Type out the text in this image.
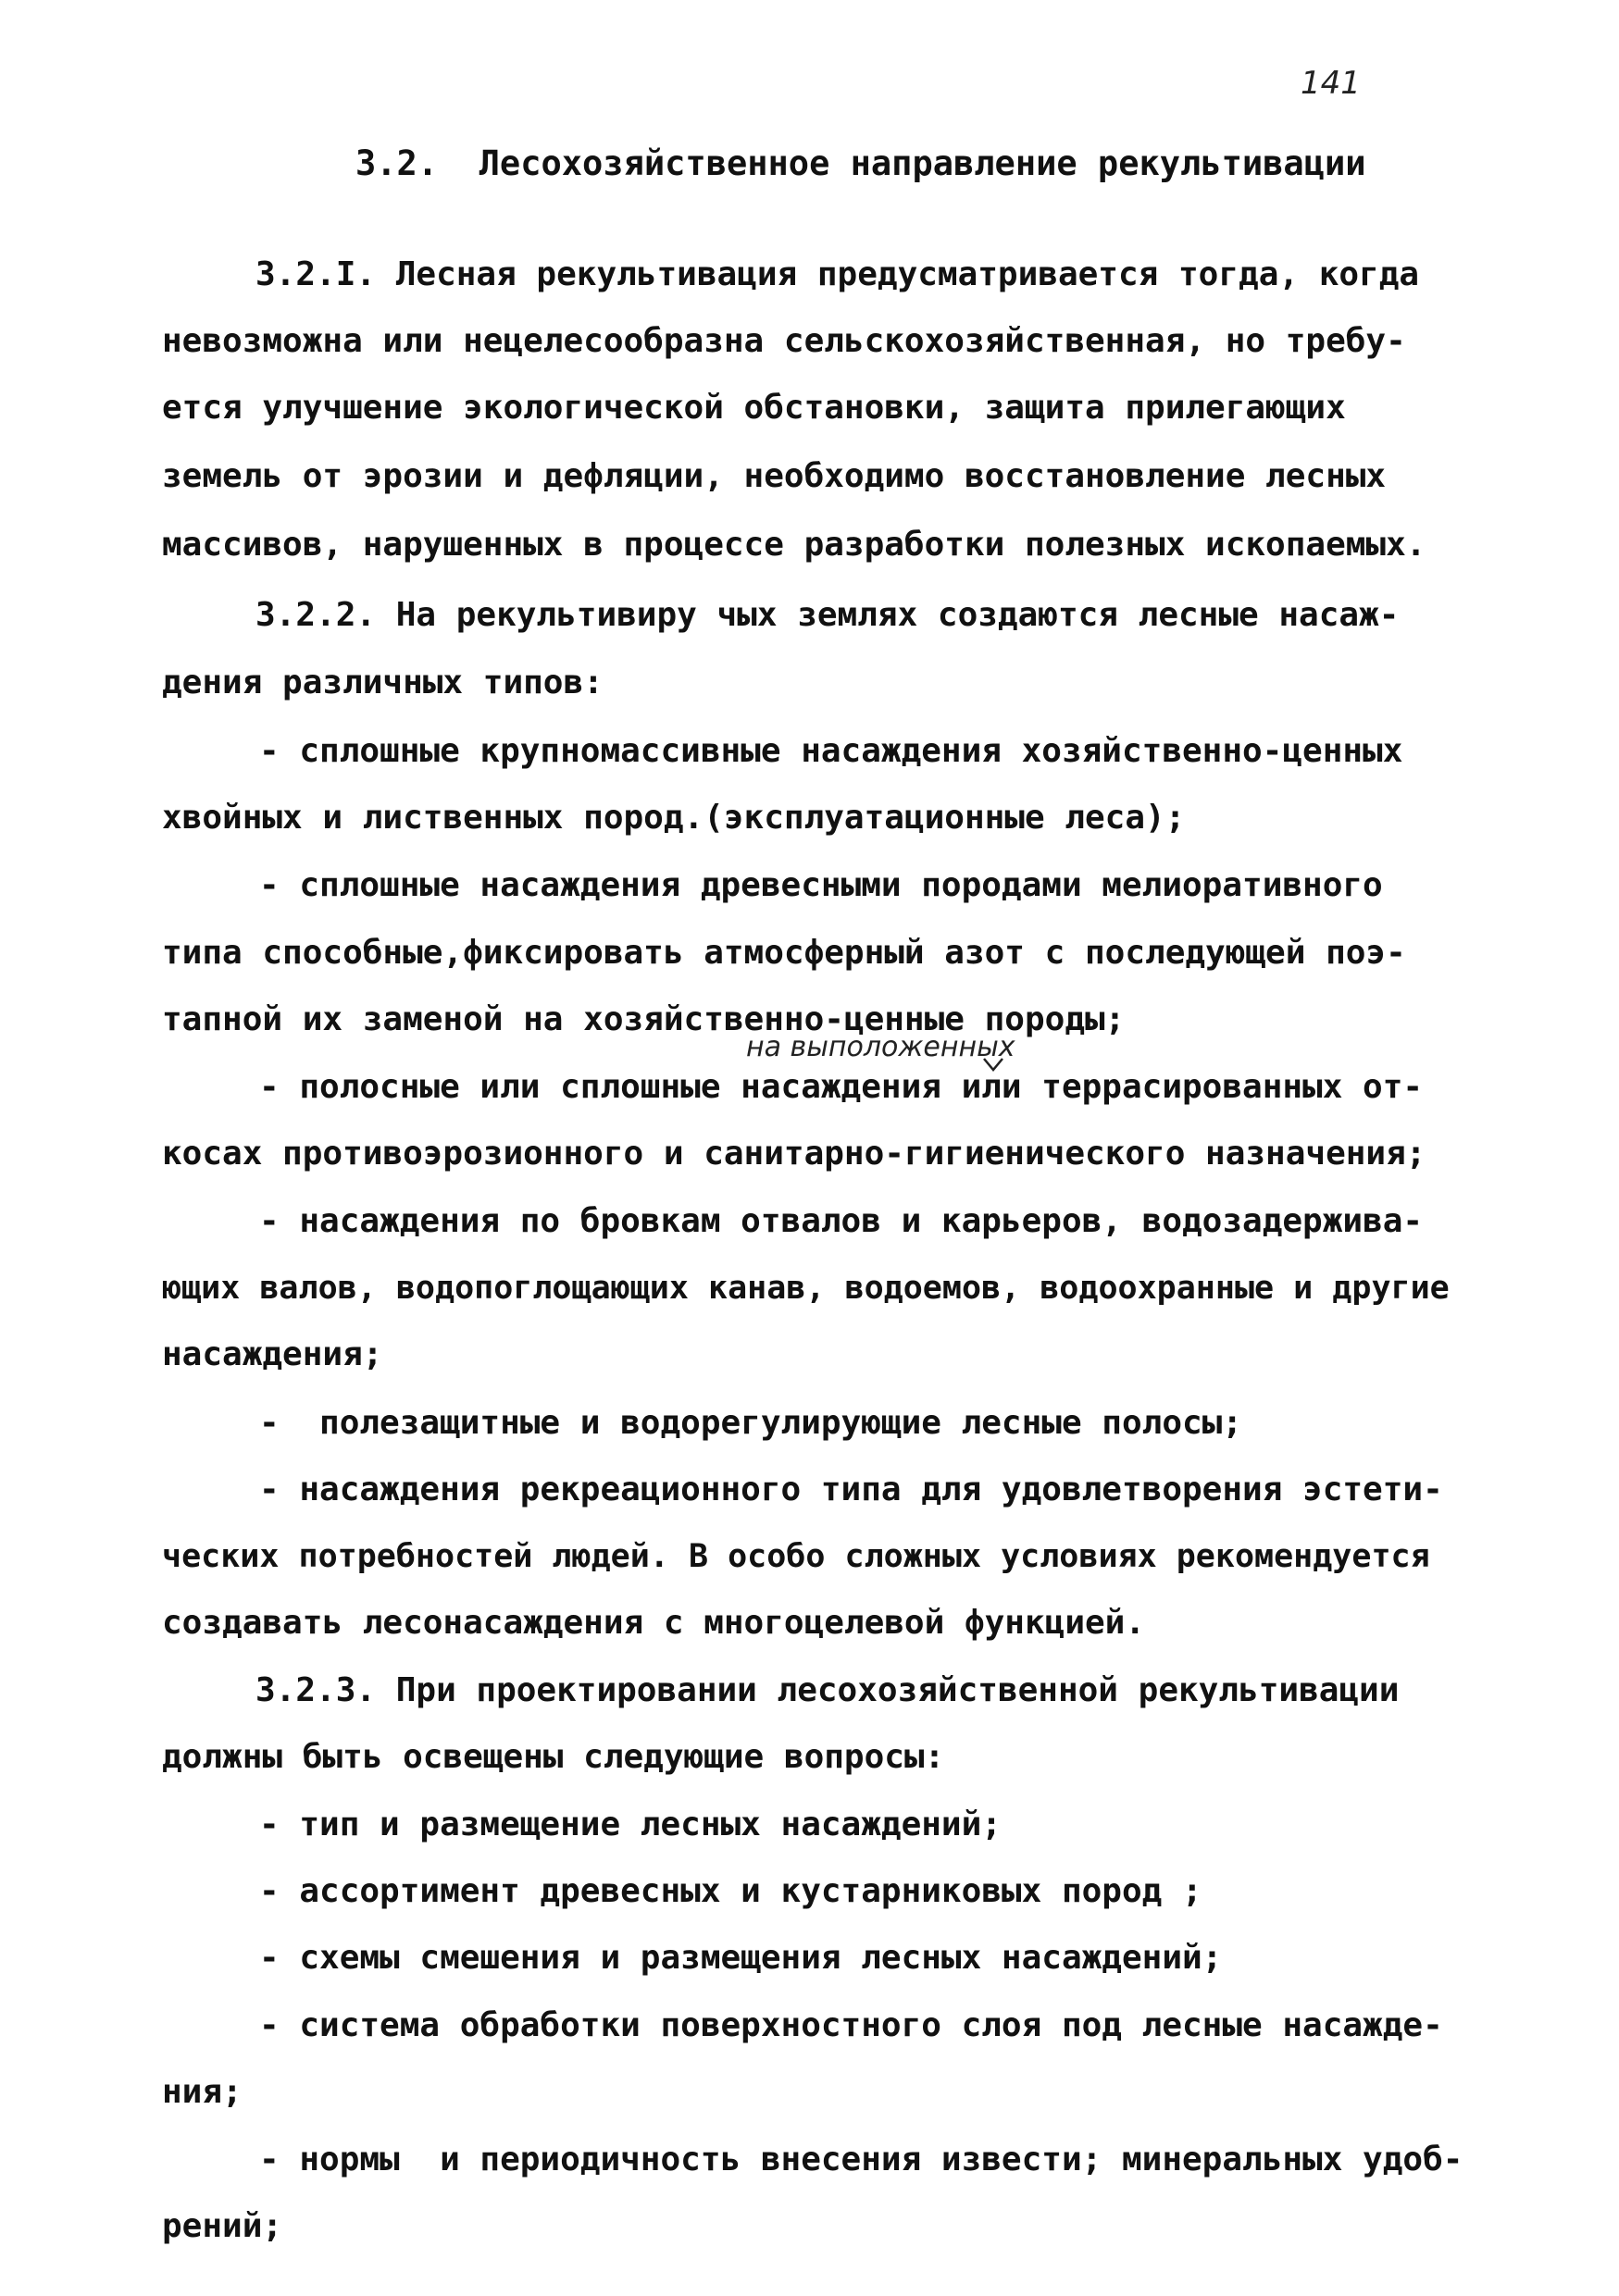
141
3.2.  Лесохозяйственное направление рекультивации
3.2.I. Лесная рекультивация предусматривается тогда, когда
невозможна или нецелесообразна сельскохозяйственная, но требу-
ется улучшение экологической обстановки, защита прилегающих
земель от эрозии и дефляции, необходимо восстановление лесных
массивов, нарушенных в процессе разработки полезных ископаемых.
3.2.2. На рекультивиру чых землях создаются лесные насаж-
дения различных типов:
- сплошные крупномассивные насаждения хозяйственно-ценных
хвойных и лиственных пород.(эксплуатационные леса);
- сплошные насаждения древесными породами мелиоративного
типа способные,фиксировать атмосферный азот с последующей поэ-
тапной их заменой на хозяйственно-ценные породы;
на выположенных
- полосные или сплошные насаждения или террасированных от-
косах противоэрозионного и санитарно-гигиенического назначения;
- насаждения по бровкам отвалов и карьеров, водозадержива-
ющих валов, водопоглощающих канав, водоемов, водоохранные и другие
насаждения;
-  полезащитные и водорегулирующие лесные полосы;
- насаждения рекреационного типа для удовлетворения эстети-
ческих потребностей людей. В особо сложных условиях рекомендуется
создавать лесонасаждения с многоцелевой функцией.
3.2.3. При проектировании лесохозяйственной рекультивации
должны быть освещены следующие вопросы:
- тип и размещение лесных насаждений;
- ассортимент древесных и кустарниковых пород ;
- схемы смешения и размещения лесных насаждений;
- система обработки поверхностного слоя под лесные насажде-
ния;
- нормы  и периодичность внесения извести; минеральных удоб-
рений;
